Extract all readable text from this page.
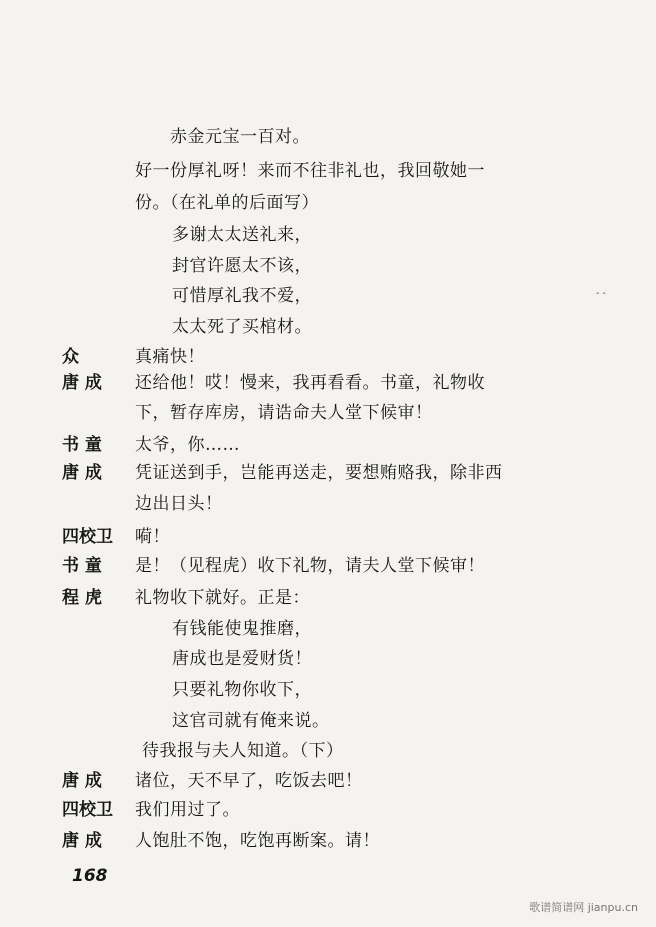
赤金元宝一百对。
好一份厚礼呀！来而不往非礼也，我回敬她一
份。（在礼单的后面写）
多谢太太送礼来，
封官许愿太不该，
可惜厚礼我不爱，
太太死了买棺材。
众	真痛快！
唐 成 还给他！哎！慢来，我再看看。书童，礼物收
下，暂存库房，请诰命夫人堂下候审！
书 童 太爷，你……
唐 成 凭证送到手，岂能再送走，要想贿赂我，除非西
边出日头！
四校卫 嗬！
书 童 是！（见程虎）收下礼物，请夫人堂下候审！
程 虎 礼物收下就好。正是：
有钱能使鬼推磨，
唐成也是爱财货！
只要礼物你收下，
这官司就有俺来说。
待我报与夫人知道。（下）
唐 成 诸位，天不早了，吃饭去吧！
四校卫 我们用过了。
唐 成 人饱肚不饱，吃饱再断案。请！
- -
168
歌谱简谱网 jianpu.cn
